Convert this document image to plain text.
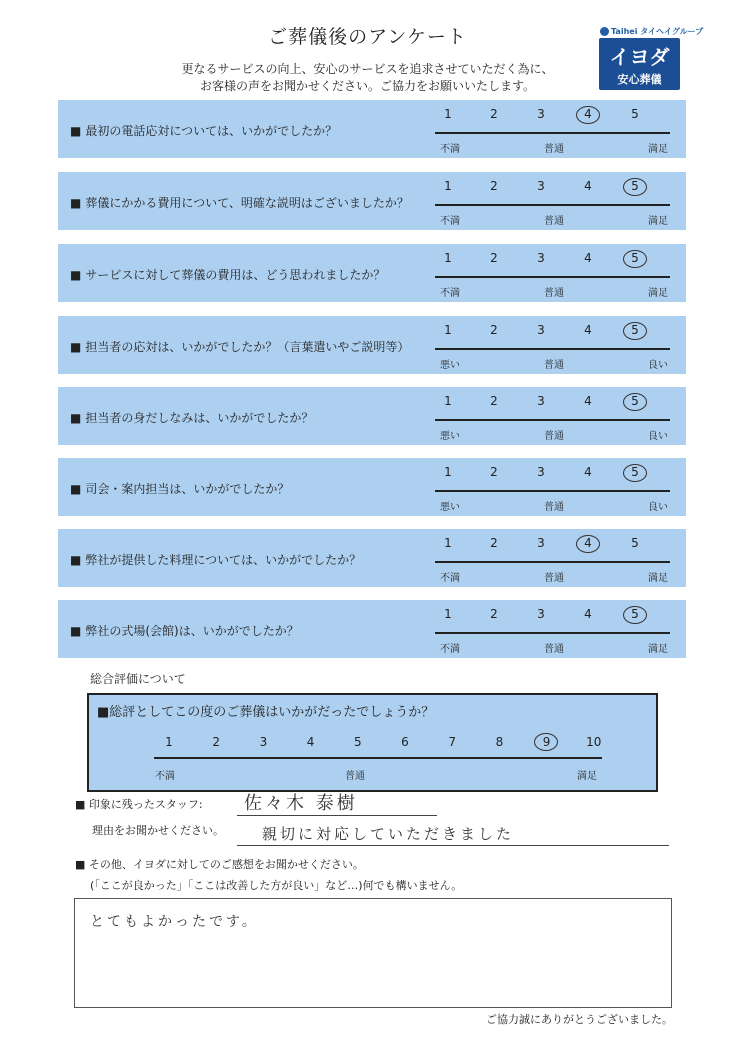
ご葬儀後のアンケート
更なるサービスの向上、安心のサービスを追求させていただく為に、
お客様の声をお聞かせください。ご協力をお願いいたします。
Taihei タイヘイグループ
イヨダ
安心葬儀
■ 最初の電話応対については、いかがでしたか？
1	2	3	4	5
不満	普通	満足
■ 葬儀にかかる費用について、明確な説明はございましたか？
1	2	3	4	5
不満	普通	満足
■ サービスに対して葬儀の費用は、どう思われましたか？
1	2	3	4	5
不満	普通	満足
■ 担当者の応対は、いかがでしたか？（言葉遣いやご説明等）
1	2	3	4	5
悪い	普通	良い
■ 担当者の身だしなみは、いかがでしたか？
1	2	3	4	5
悪い	普通	良い
■ 司会・案内担当は、いかがでしたか？
1	2	3	4	5
悪い	普通	良い
■ 弊社が提供した料理については、いかがでしたか？
1	2	3	4	5
不満	普通	満足
■ 弊社の式場(会館)は、いかがでしたか？
1	2	3	4	5
不満	普通	満足
総合評価について
■総評としてこの度のご葬儀はいかがだったでしょうか？
1	2	3	4	5	6	7	8	9	10
不満	普通	満足
■ 印象に残ったスタッフ: 佐々木 泰樹
理由をお聞かせください。	親切に対応していただきました
■ その他、イヨダに対してのご感想をお聞かせください。
(「ここが良かった」「ここは改善した方が良い」など…)何でも構いません。
とてもよかったです。
ご協力誠にありがとうございました。
